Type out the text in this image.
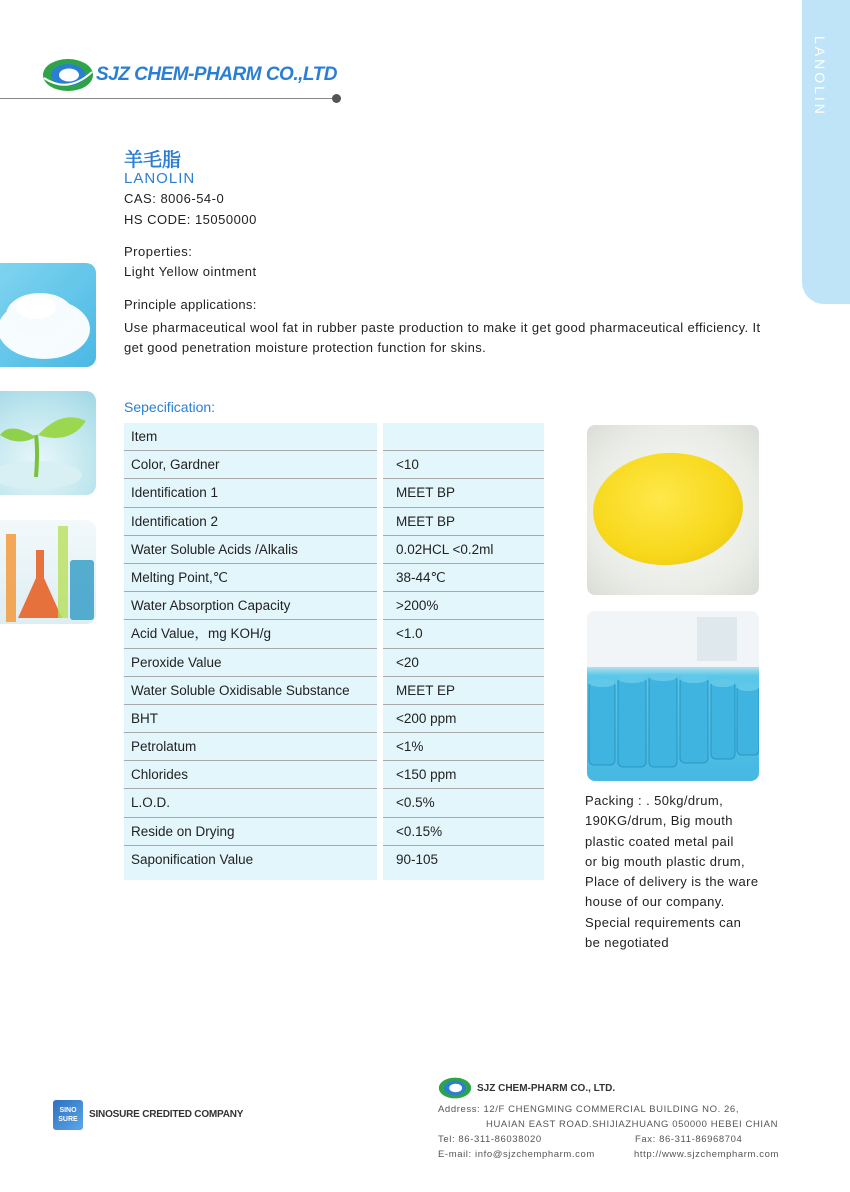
SJZ CHEM-PHARM CO.,LTD	LANOLIN
羊毛脂
LANOLIN
CAS: 8006-54-0
HS CODE: 15050000
Properties:
Light Yellow ointment
Principle applications:
Use pharmaceutical wool fat in rubber paste production to make it get good pharmaceutical efficiency. It get good penetration moisture protection function for skins.
Sepecification:
Item
Color, Gardner	<10
Identification 1	MEET BP
Identification 2	MEET BP
Water Soluble Acids /Alkalis	0.02HCL <0.2ml
Melting Point,℃	38-44℃
Water Absorption Capacity	>200%
Acid Value，mg KOH/g	<1.0
Peroxide Value	<20
Water Soluble Oxidisable Substance	MEET EP
BHT	<200 ppm
Petrolatum	<1%
Chlorides	<150 ppm
L.O.D.	<0.5%
Reside on Drying	<0.15%
Saponification Value	90-105
Packing : . 50kg/drum,
190KG/drum, Big mouth
plastic coated metal pail
or big mouth plastic drum,
Place of delivery is the ware
house of our company.
Special requirements can
be negotiated
SINO SURE	SINOSURE CREDITED COMPANY
SJZ CHEM-PHARM CO., LTD.
Address: 12/F CHENGMING COMMERCIAL BUILDING NO. 26,
HUAIAN EAST ROAD.SHIJIAZHUANG 050000 HEBEI CHIAN
Tel: 86-311-86038020	Fax: 86-311-86968704
E-mail: info@sjzchempharm.com	http://www.sjzchempharm.com
